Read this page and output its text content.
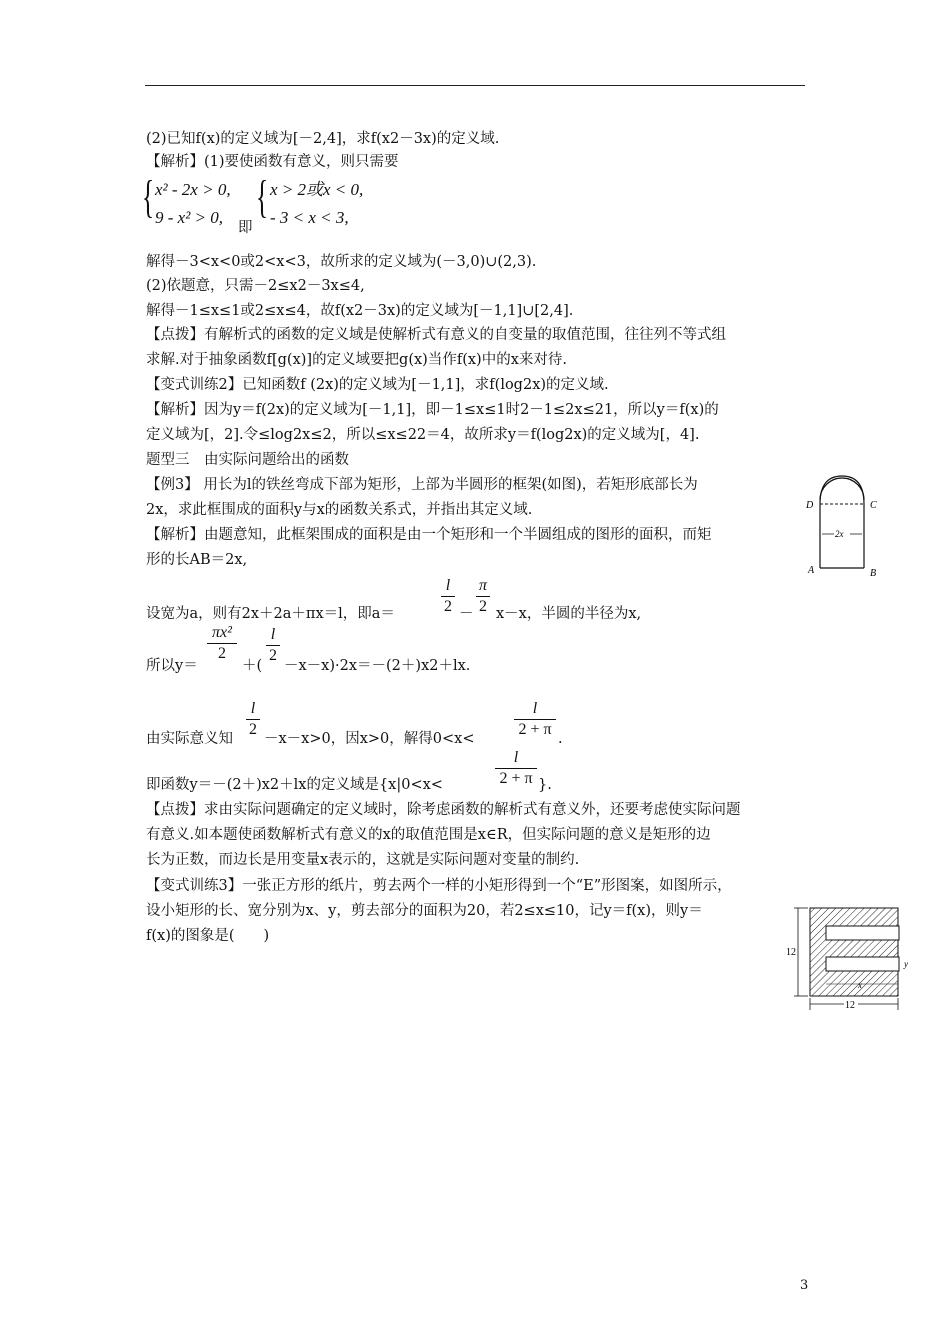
(2)已知f(x)的定义域为[－2,4]，求f(x2－3x)的定义域.
【解析】(1)要使函数有意义，则只需要
{ x² - 2x > 0,
9 - x² > 0,
即
{ x > 2或x < 0,
- 3 < x < 3,
解得－3<x<0或2<x<3，故所求的定义域为(－3,0)∪(2,3).
(2)依题意，只需－2≤x2－3x≤4,
解得－1≤x≤1或2≤x≤4，故f(x2－3x)的定义域为[－1,1]∪[2,4].
【点拨】有解析式的函数的定义域是使解析式有意义的自变量的取值范围，往往列不等式组
求解.对于抽象函数f[g(x)]的定义域要把g(x)当作f(x)中的x来对待.
【变式训练2】已知函数f (2x)的定义域为[－1,1]，求f(log2x)的定义域.
【解析】因为y＝f(2x)的定义域为[－1,1]，即－1≤x≤1时2－1≤2x≤21，所以y＝f(x)的
定义域为[，2].令≤log2x≤2，所以≤x≤22＝4，故所求y＝f(log2x)的定义域为[，4].
题型三　由实际问题给出的函数
【例3】 用长为l的铁丝弯成下部为矩形，上部为半圆形的框架(如图)，若矩形底部长为
2x，求此框围成的面积y与x的函数关系式，并指出其定义域.
【解析】由题意知，此框架围成的面积是由一个矩形和一个半圆组成的图形的面积，而矩
形的长AB＝2x,
设宽为a，则有2x＋2a＋πx＝l，即a＝
l
2 －
π
2 x－x，半圆的半径为x,
所以y＝
πx²
2
＋(
l
2
－x－x)·2x＝－(2＋)x2＋lx.
由实际意义知
l
2
－x－x>0，因x>0，解得0<x<
l
2 + π
.
即函数y＝－(2＋)x2＋lx的定义域是{x|0<x<
l
2 + π }.
【点拨】求由实际问题确定的定义域时，除考虑函数的解析式有意义外，还要考虑使实际问题
有意义.如本题使函数解析式有意义的x的取值范围是x∈R，但实际问题的意义是矩形的边
长为正数，而边长是用变量x表示的，这就是实际问题对变量的制约.
【变式训练3】一张正方形的纸片，剪去两个一样的小矩形得到一个“E”形图案，如图所示，
设小矩形的长、宽分别为x、y，剪去部分的面积为20，若2≤x≤10，记y＝f(x)，则y＝
f(x)的图象是(　　)
D	C
A	B
2x
12
12
x
y
3
